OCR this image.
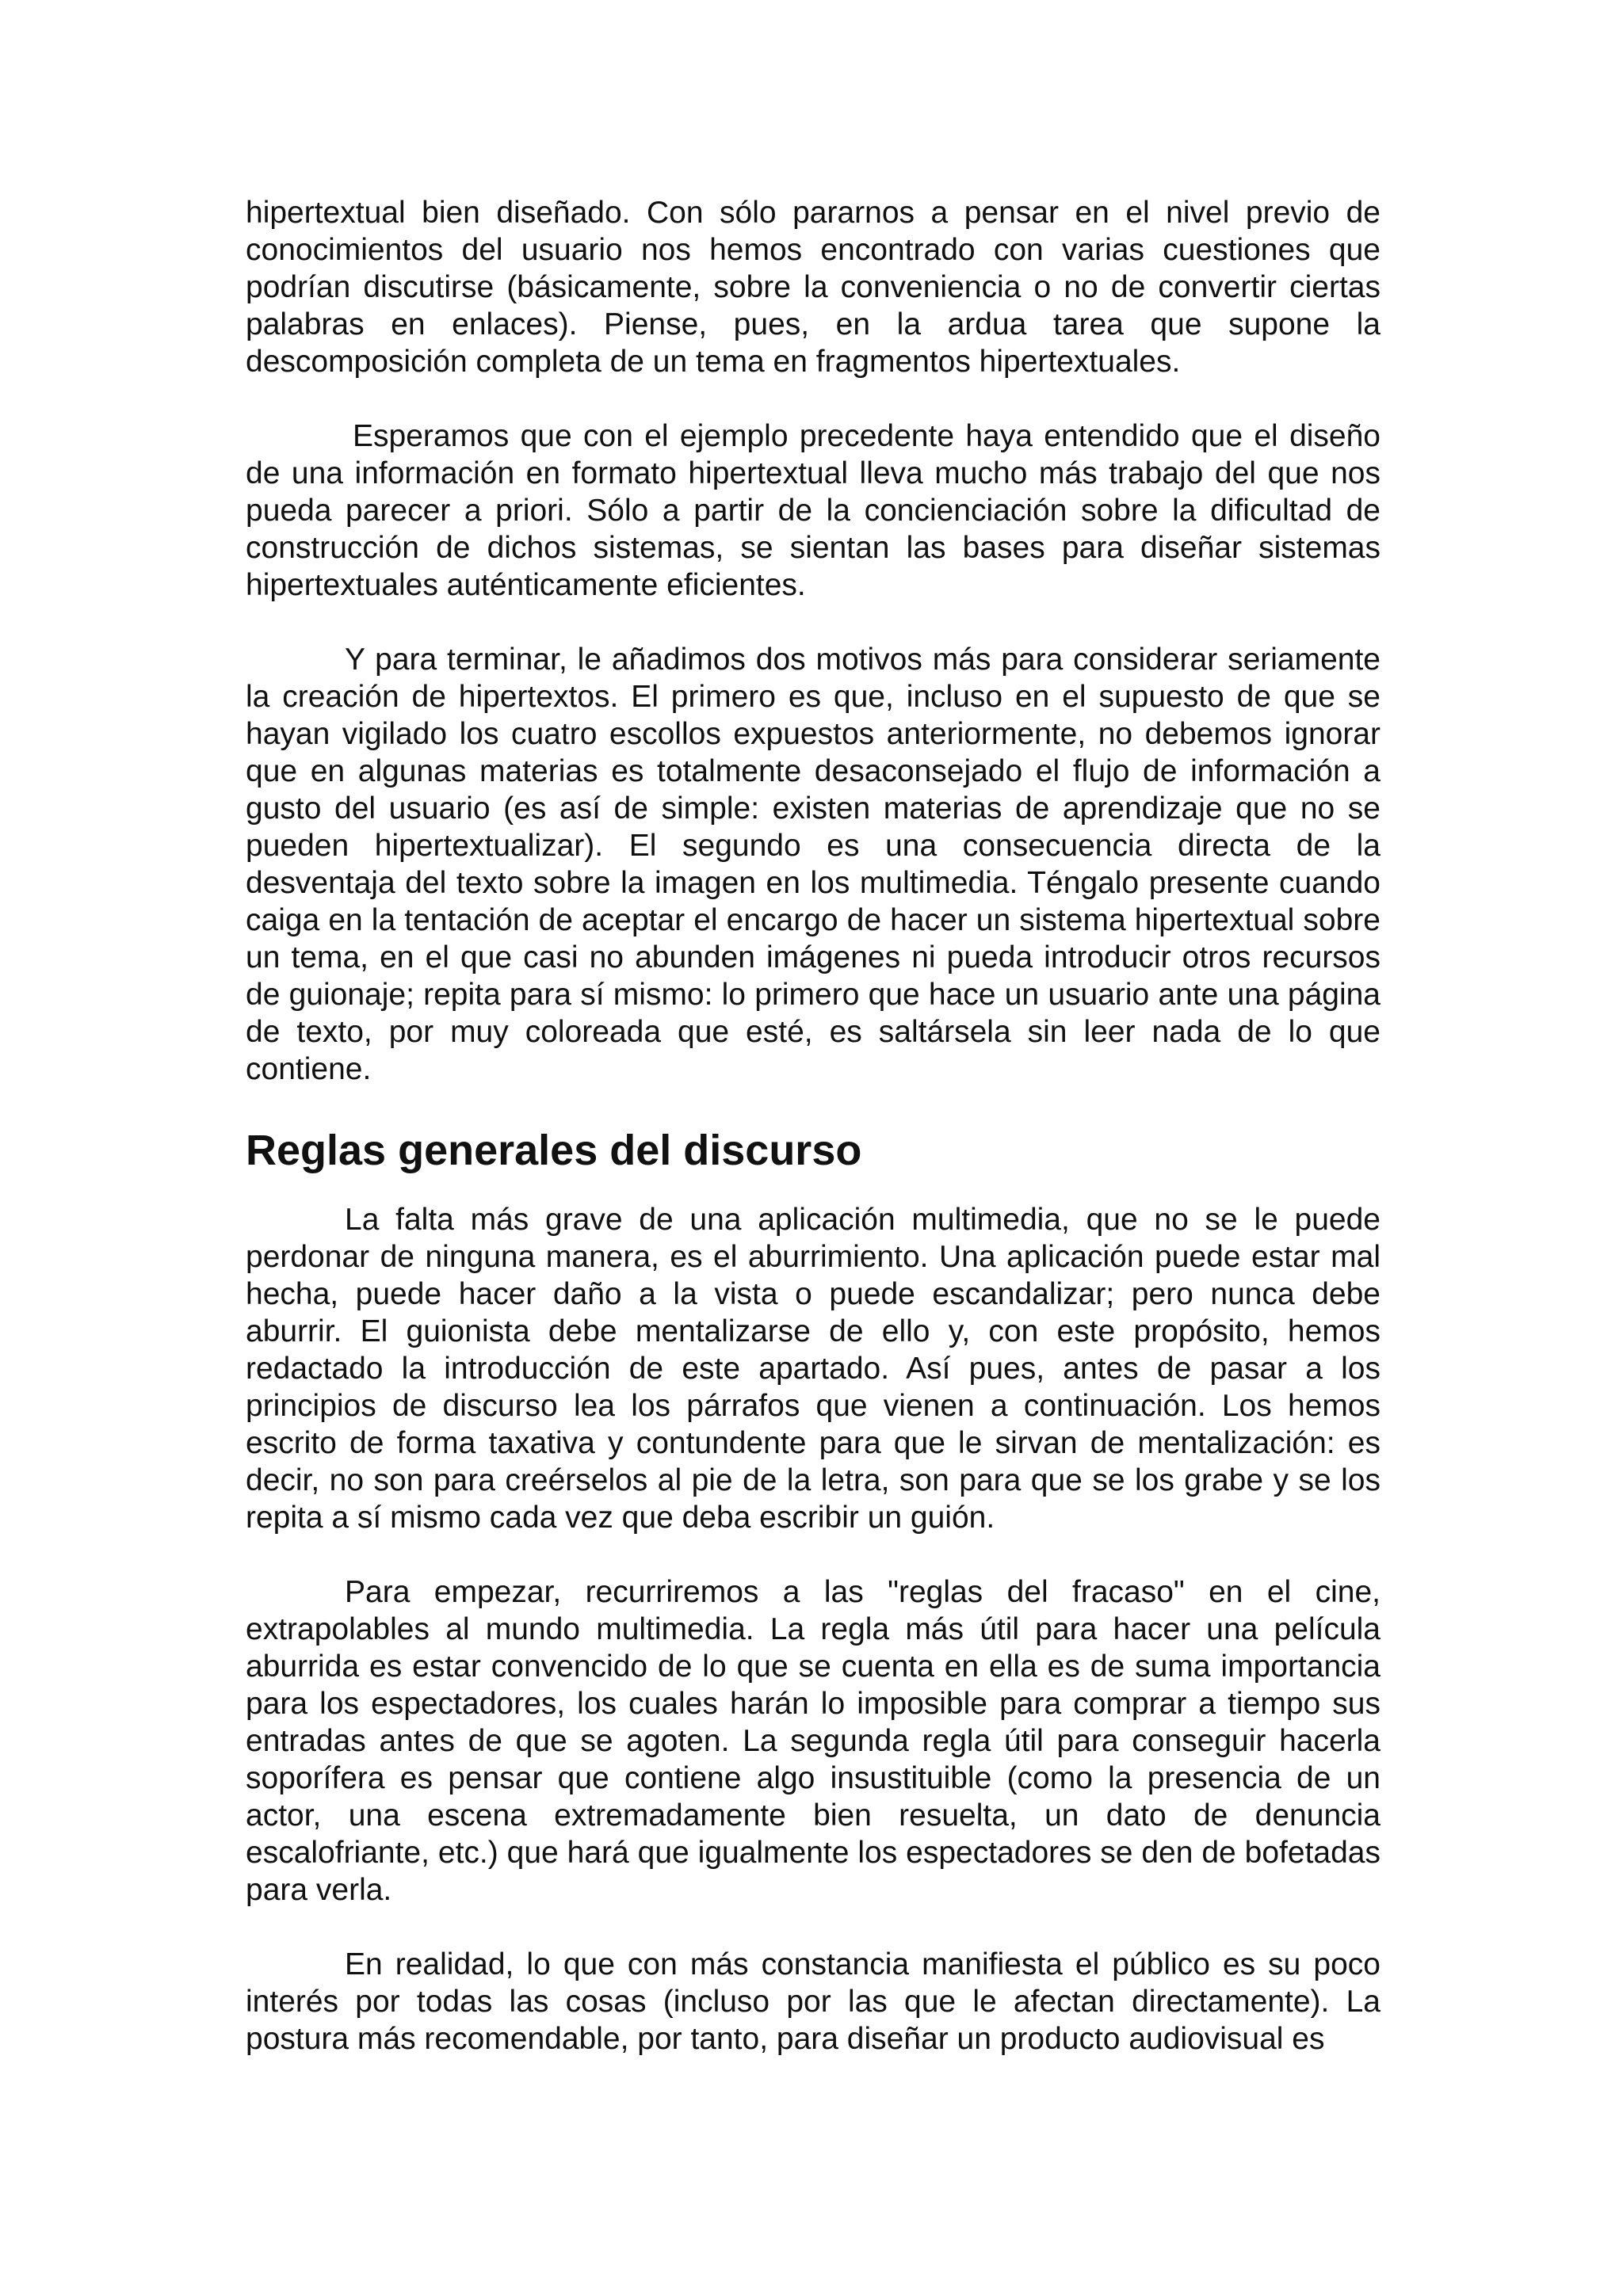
hipertextual bien diseñado. Con sólo pararnos a pensar en el nivel previo de conocimientos del usuario nos hemos encontrado con varias cuestiones que podrían discutirse (básicamente, sobre la conveniencia o no de convertir ciertas palabras en enlaces). Piense, pues, en la ardua tarea que supone la descomposición completa de un tema en fragmentos hipertextuales.

Esperamos que con el ejemplo precedente haya entendido que el diseño de una información en formato hipertextual lleva mucho más trabajo del que nos pueda parecer a priori. Sólo a partir de la concienciación sobre la dificultad de construcción de dichos sistemas, se sientan las bases para diseñar sistemas hipertextuales auténticamente eficientes.

Y para terminar, le añadimos dos motivos más para considerar seriamente la creación de hipertextos. El primero es que, incluso en el supuesto de que se hayan vigilado los cuatro escollos expuestos anteriormente, no debemos ignorar que en algunas materias es totalmente desaconsejado el flujo de información a gusto del usuario (es así de simple: existen materias de aprendizaje que no se pueden hipertextualizar). El segundo es una consecuencia directa de la desventaja del texto sobre la imagen en los multimedia. Téngalo presente cuando caiga en la tentación de aceptar el encargo de hacer un sistema hipertextual sobre un tema, en el que casi no abunden imágenes ni pueda introducir otros recursos de guionaje; repita para sí mismo: lo primero que hace un usuario ante una página de texto, por muy coloreada que esté, es saltársela sin leer nada de lo que contiene.

Reglas generales del discurso

La falta más grave de una aplicación multimedia, que no se le puede perdonar de ninguna manera, es el aburrimiento. Una aplicación puede estar mal hecha, puede hacer daño a la vista o puede escandalizar; pero nunca debe aburrir. El guionista debe mentalizarse de ello y, con este propósito, hemos redactado la introducción de este apartado. Así pues, antes de pasar a los principios de discurso lea los párrafos que vienen a continuación. Los hemos escrito de forma taxativa y contundente para que le sirvan de mentalización: es decir, no son para creérselos al pie de la letra, son para que se los grabe y se los repita a sí mismo cada vez que deba escribir un guión.

Para empezar, recurriremos a las "reglas del fracaso" en el cine, extrapolables al mundo multimedia. La regla más útil para hacer una película aburrida es estar convencido de lo que se cuenta en ella es de suma importancia para los espectadores, los cuales harán lo imposible para comprar a tiempo sus entradas antes de que se agoten. La segunda regla útil para conseguir hacerla soporífera es pensar que contiene algo insustituible (como la presencia de un actor, una escena extremadamente bien resuelta, un dato de denuncia escalofriante, etc.) que hará que igualmente los espectadores se den de bofetadas para verla.

En realidad, lo que con más constancia manifiesta el público es su poco interés por todas las cosas (incluso por las que le afectan directamente). La postura más recomendable, por tanto, para diseñar un producto audiovisual es
